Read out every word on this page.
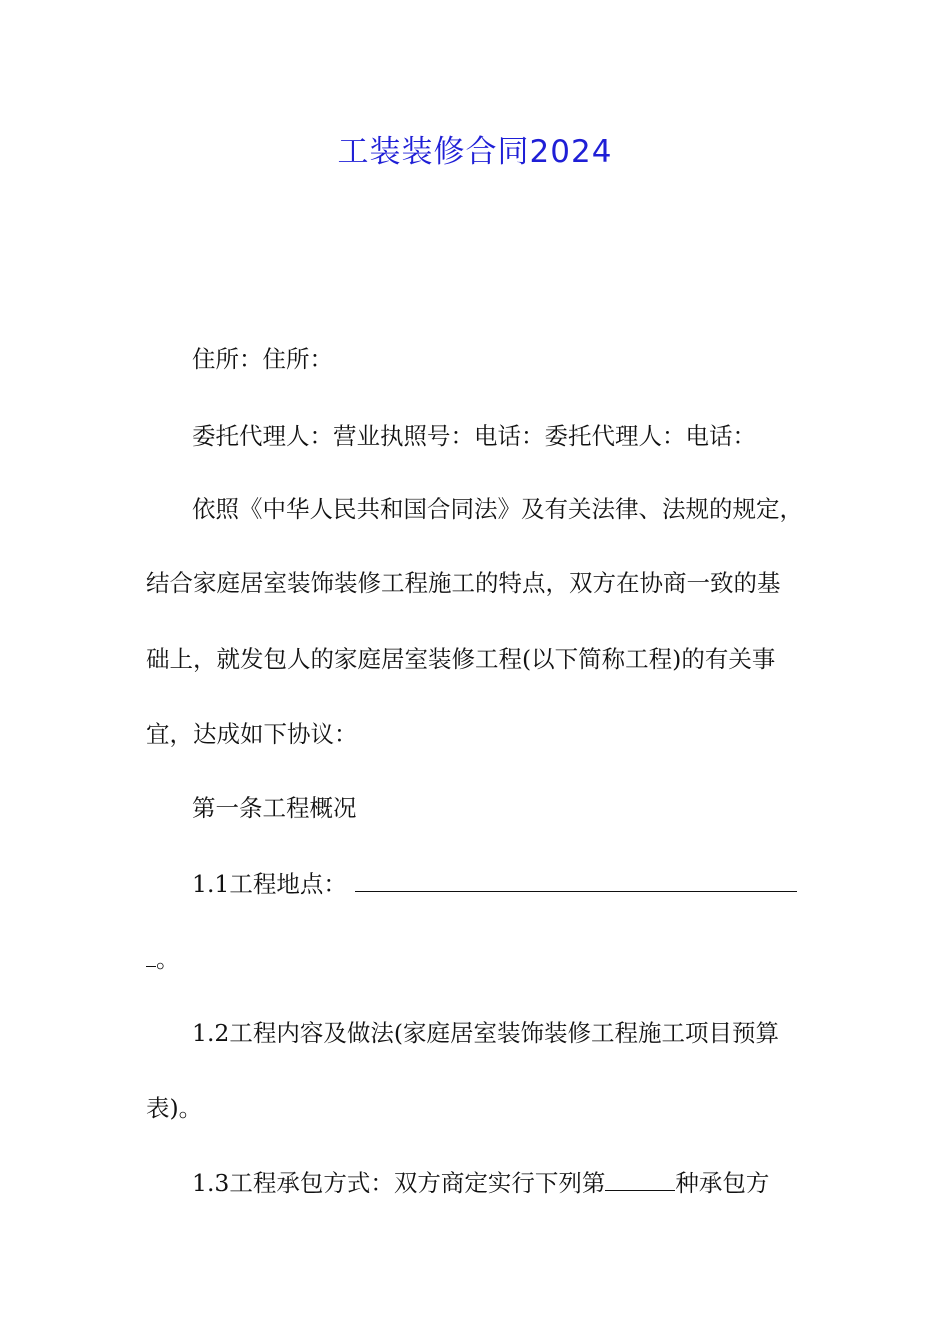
工装装修合同2024
住所：住所：
委托代理人：营业执照号：电话：委托代理人：电话：
依照《中华人民共和国合同法》及有关法律、法规的规定，
结合家庭居室装饰装修工程施工的特点，双方在协商一致的基
础上，就发包人的家庭居室装修工程(以下简称工程)的有关事
宜，达成如下协议：
第一条工程概况
1.1工程地点：
。
1.2工程内容及做法(家庭居室装饰装修工程施工项目预算
表)。
1.3工程承包方式：双方商定实行下列第	种承包方
